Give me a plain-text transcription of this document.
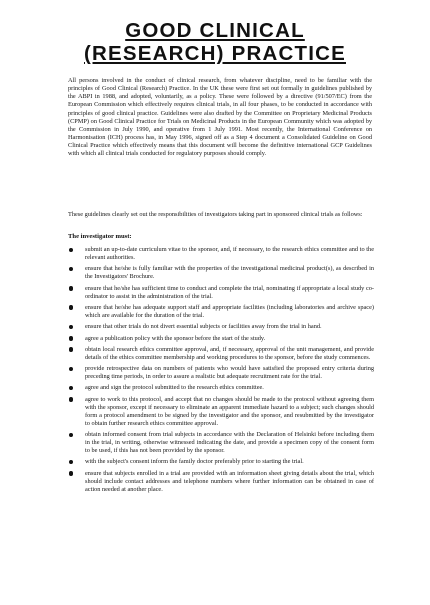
GOOD CLINICAL
(RESEARCH) PRACTICE

All persons involved in the conduct of clinical research, from whatever discipline, need to be familiar with the principles of Good Clinical (Research) Practice. In the UK these were first set out formally in guidelines published by the ABPI in 1988, and adopted, voluntarily, as a policy. These were followed by a directive (91/507/EC) from the European Commission which effectively requires clinical trials, in all four phases, to be conducted in accordance with principles of good clinical practice. Guidelines were also drafted by the Committee on Proprietary Medicinal Products (CPMP) on Good Clinical Practice for Trials on Medicinal Products in the European Community which was adopted by the Commission in July 1990, and operative from 1 July 1991. Most recently, the International Conference on Harmonisation (ICH) process has, in May 1996, signed off as a Step 4 document a Consolidated Guideline on Good Clinical Practice which effectively means that this document will become the definitive international GCP Guidelines with which all clinical trials conducted for regulatory purposes should comply.

These guidelines clearly set out the responsibilities of investigators taking part in sponsored clinical trials as follows:

The investigator must:
submit an up-to-date curriculum vitae to the sponsor, and, if necessary, to the research ethics committee and to the relevant authorities.
ensure that he/she is fully familiar with the properties of the investigational medicinal product(s), as described in the Investigators' Brochure.
ensure that he/she has sufficient time to conduct and complete the trial, nominating if appropriate a local study co-ordinator to assist in the administration of the trial.
ensure that he/she has adequate support staff and appropriate facilities (including laboratories and archive space) which are available for the duration of the trial.
ensure that other trials do not divert essential subjects or facilities away from the trial in hand.
agree a publication policy with the sponsor before the start of the study.
obtain local research ethics committee approval, and, if necessary, approval of the unit management, and provide details of the ethics committee membership and working procedures to the sponsor, before the study commences.
provide retrospective data on numbers of patients who would have satisfied the proposed entry criteria during preceding time periods, in order to assure a realistic but adequate recruitment rate for the trial.
agree and sign the protocol submitted to the research ethics committee.
agree to work to this protocol, and accept that no changes should be made to the protocol without agreeing them with the sponsor, except if necessary to eliminate an apparent immediate hazard to a subject; such changes should form a protocol amendment to be signed by the investigator and the sponsor, and resubmitted by the investigator to obtain further research ethics committee approval.
obtain informed consent from trial subjects in accordance with the Declaration of Helsinki before including them in the trial, in writing, otherwise witnessed indicating the date, and provide a specimen copy of the consent form to be used, if this has not been provided by the sponsor.
with the subject's consent inform the family doctor preferably prior to starting the trial.
ensure that subjects enrolled in a trial are provided with an information sheet giving details about the trial, which should include contact addresses and telephone numbers where further information can be obtained in case of action needed at another place.
